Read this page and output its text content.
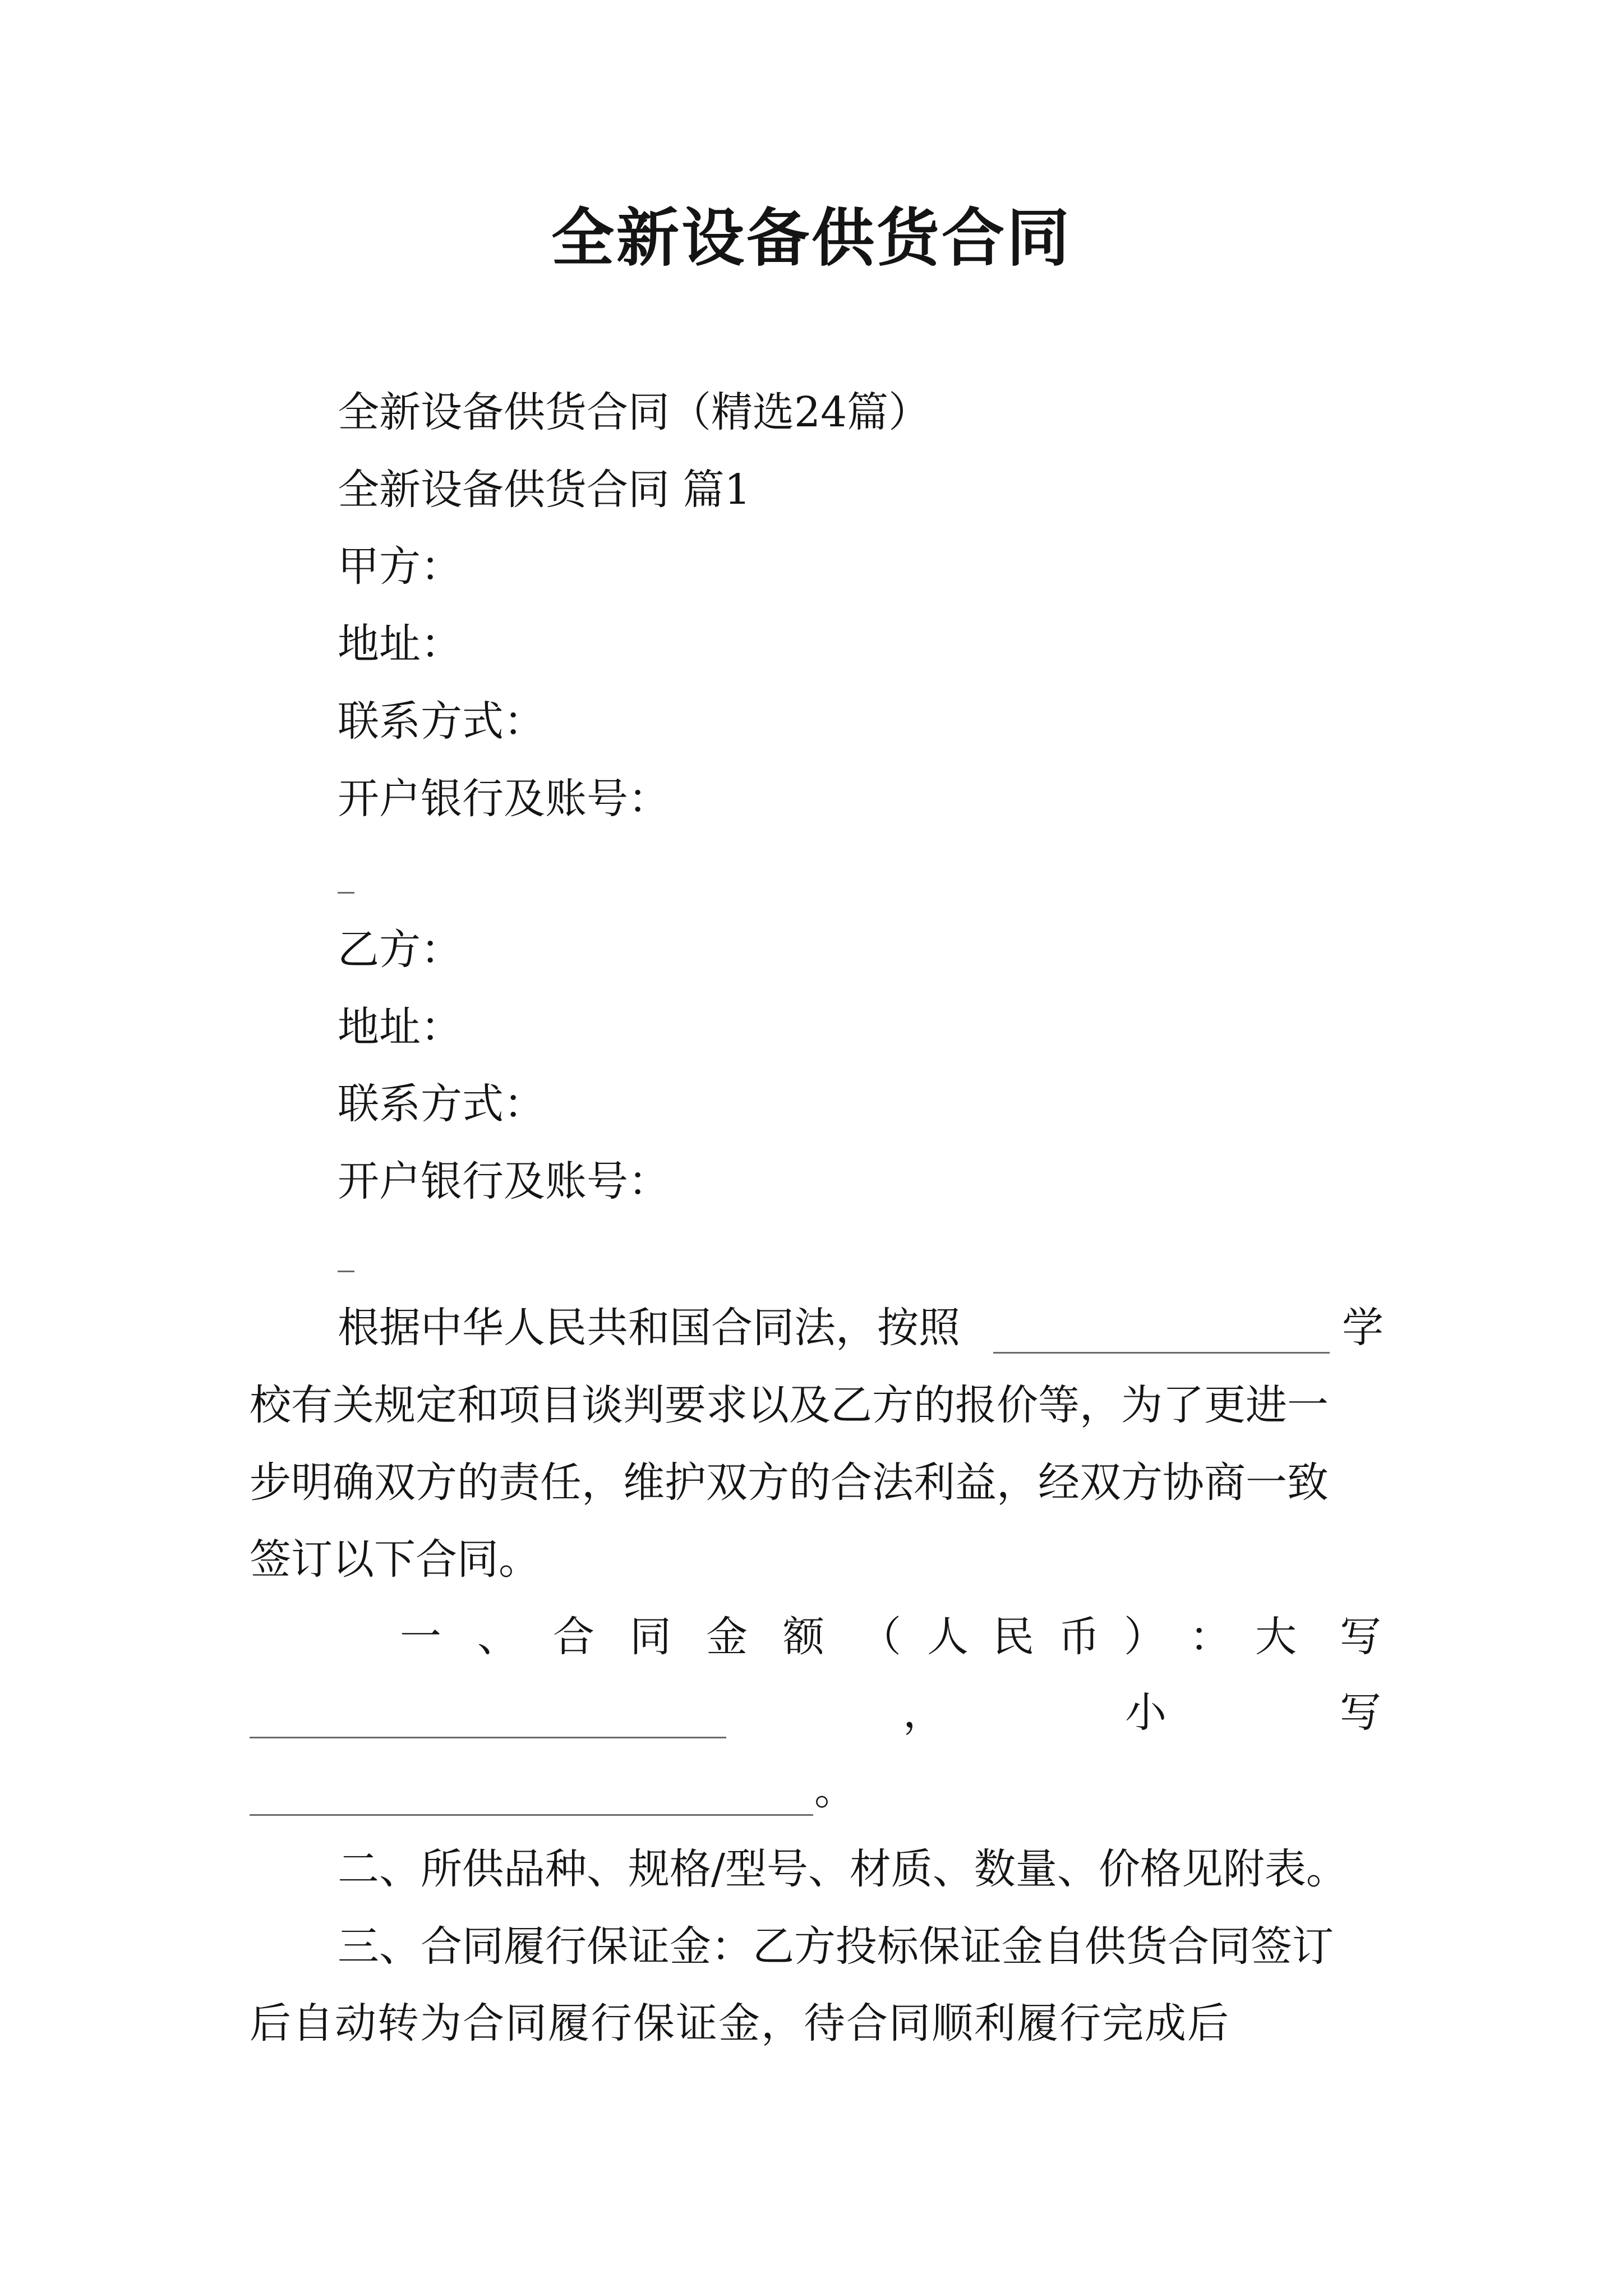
全新设备供货合同
全新设备供货合同（精选24篇）
全新设备供货合同 篇1
甲方：
地址：
联系方式：
开户银行及账号：
乙方：
地址：
联系方式：
开户银行及账号：
根据中华人民共和国合同法，按照	学
校有关规定和项目谈判要求以及乙方的报价等，为了更进一
步明确双方的责任，维护双方的合法利益，经双方协商一致
签订以下合同。
一 、 合 同 金 额 （ 人 民 币 ） ： 大 写
，	小	写
。
二、所供品种、规格/型号、材质、数量、价格见附表。
三、合同履行保证金：乙方投标保证金自供货合同签订
后自动转为合同履行保证金，待合同顺利履行完成后
